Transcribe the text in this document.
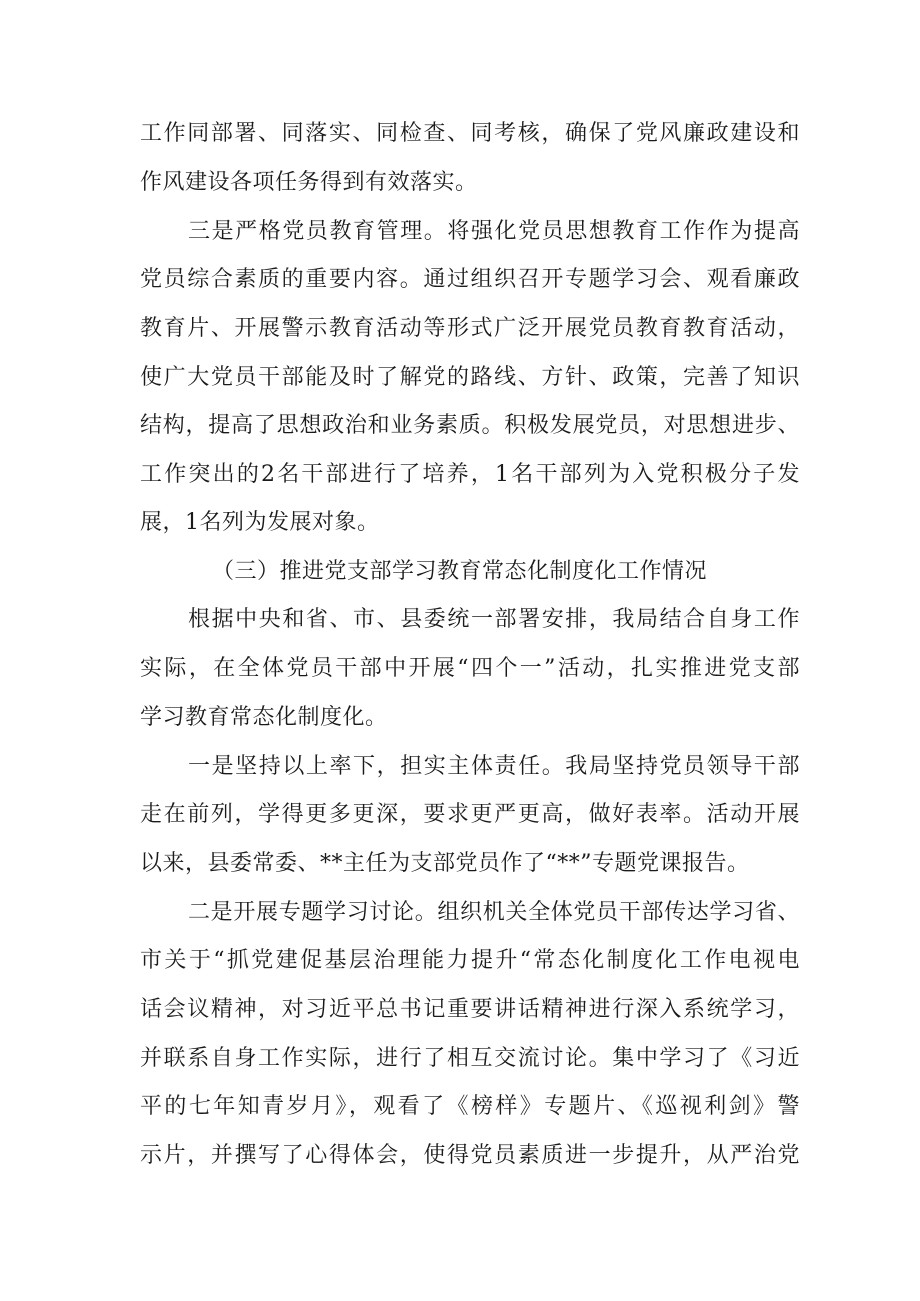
工作同部署、同落实、同检查、同考核，确保了党风廉政建设和

作风建设各项任务得到有效落实。

三是严格党员教育管理。将强化党员思想教育工作作为提高

党员综合素质的重要内容。通过组织召开专题学习会、观看廉政

教育片、开展警示教育活动等形式广泛开展党员教育教育活动，

使广大党员干部能及时了解党的路线、方针、政策，完善了知识

结构，提高了思想政治和业务素质。积极发展党员，对思想进步、

工作突出的2名干部进行了培养，1名干部列为入党积极分子发

展，1名列为发展对象。

（三）推进党支部学习教育常态化制度化工作情况

根据中央和省、市、县委统一部署安排，我局结合自身工作

实际，在全体党员干部中开展“四个一”活动，扎实推进党支部

学习教育常态化制度化。

一是坚持以上率下，担实主体责任。我局坚持党员领导干部

走在前列，学得更多更深，要求更严更高，做好表率。活动开展

以来，县委常委、**主任为支部党员作了“**”专题党课报告。

二是开展专题学习讨论。组织机关全体党员干部传达学习省、

市关于“抓党建促基层治理能力提升“常态化制度化工作电视电

话会议精神，对习近平总书记重要讲话精神进行深入系统学习，

并联系自身工作实际，进行了相互交流讨论。集中学习了《习近

平的七年知青岁月》，观看了《榜样》专题片、《巡视利剑》警

示片，并撰写了心得体会，使得党员素质进一步提升，从严治党
